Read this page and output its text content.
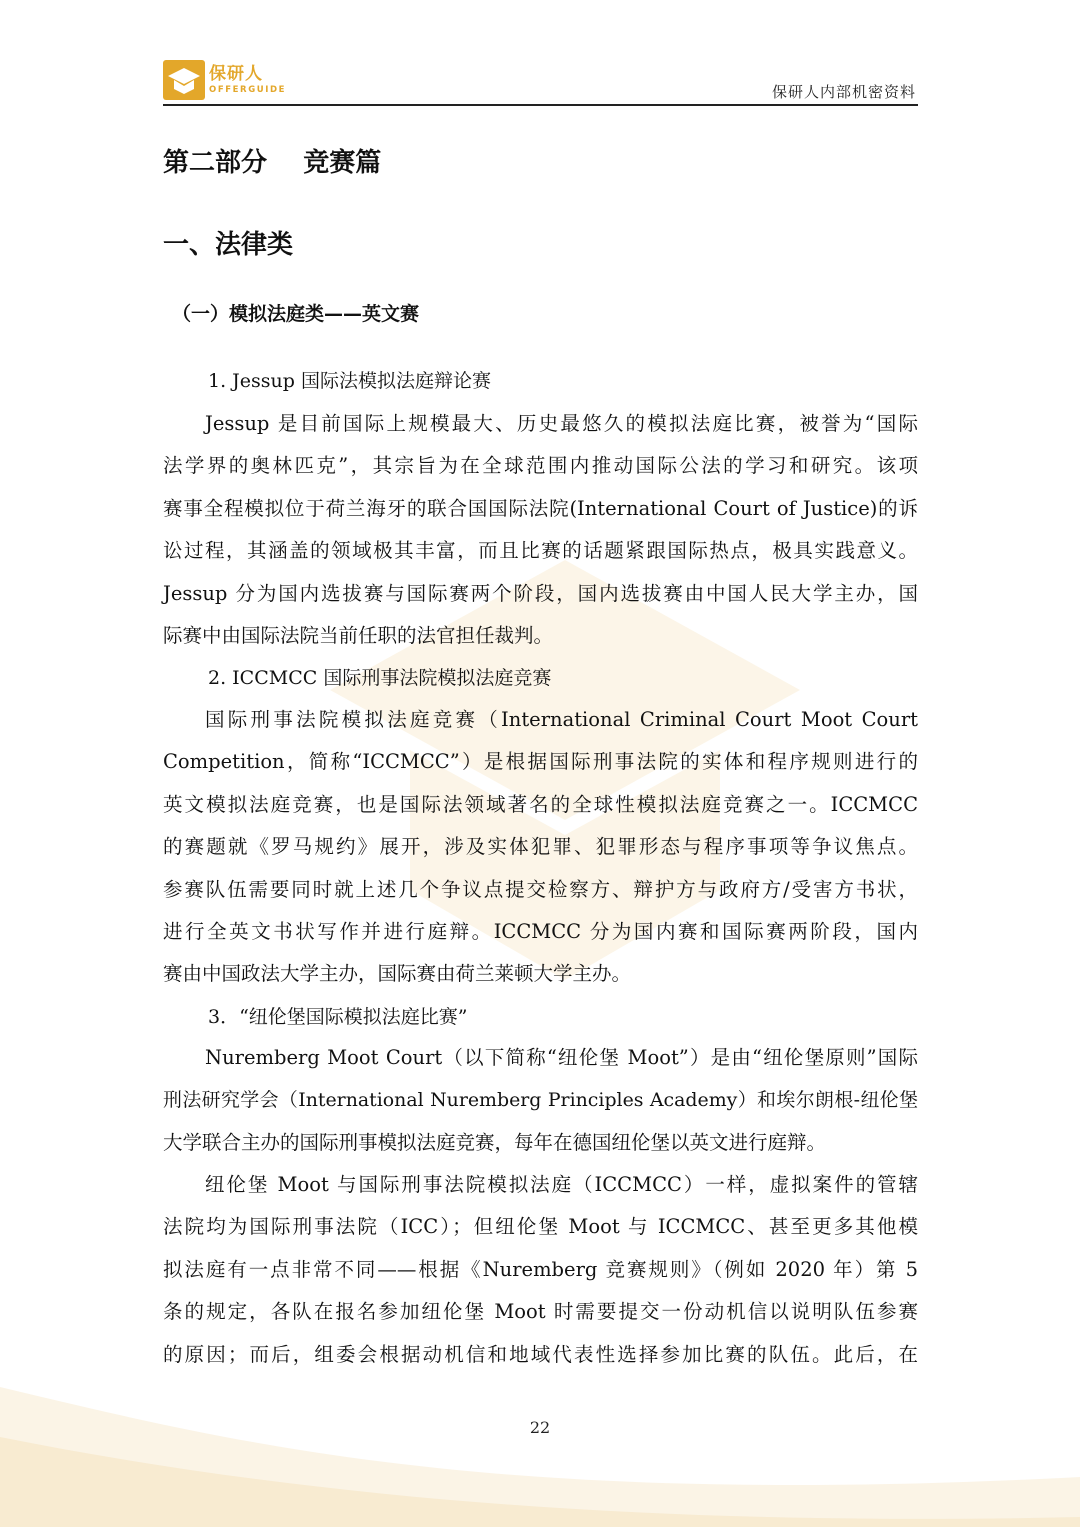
保研人
OFFERGUIDE	保研人内部机密资料
第二部分    竞赛篇
一、法律类
（一）模拟法庭类——英文赛
1. Jessup 国际法模拟法庭辩论赛
Jessup 是目前国际上规模最大、历史最悠久的模拟法庭比赛，被誉为“国际
法学界的奥林匹克”，其宗旨为在全球范围内推动国际公法的学习和研究。该项
赛事全程模拟位于荷兰海牙的联合国国际法院(International Court of Justice)的诉
讼过程，其涵盖的领域极其丰富，而且比赛的话题紧跟国际热点，极具实践意义。
Jessup 分为国内选拔赛与国际赛两个阶段，国内选拔赛由中国人民大学主办，国
际赛中由国际法院当前任职的法官担任裁判。
2. ICCMCC 国际刑事法院模拟法庭竞赛
国际刑事法院模拟法庭竞赛（International Criminal Court Moot Court
Competition，简称“ICCMCC”）是根据国际刑事法院的实体和程序规则进行的
英文模拟法庭竞赛，也是国际法领域著名的全球性模拟法庭竞赛之一。ICCMCC
的赛题就《罗马规约》展开，涉及实体犯罪、犯罪形态与程序事项等争议焦点。
参赛队伍需要同时就上述几个争议点提交检察方、辩护方与政府方/受害方书状，
进行全英文书状写作并进行庭辩。ICCMCC 分为国内赛和国际赛两阶段，国内
赛由中国政法大学主办，国际赛由荷兰莱顿大学主办。
3．“纽伦堡国际模拟法庭比赛”
Nuremberg Moot Court（以下简称“纽伦堡 Moot”）是由“纽伦堡原则”国际
刑法研究学会（International Nuremberg Principles Academy）和埃尔朗根-纽伦堡
大学联合主办的国际刑事模拟法庭竞赛，每年在德国纽伦堡以英文进行庭辩。
纽伦堡 Moot 与国际刑事法院模拟法庭（ICCMCC）一样，虚拟案件的管辖
法院均为国际刑事法院（ICC）；但纽伦堡 Moot 与 ICCMCC、甚至更多其他模
拟法庭有一点非常不同——根据《Nuremberg 竞赛规则》（例如 2020 年）第 5
条的规定，各队在报名参加纽伦堡 Moot 时需要提交一份动机信以说明队伍参赛
的原因；而后，组委会根据动机信和地域代表性选择参加比赛的队伍。此后，在
22
